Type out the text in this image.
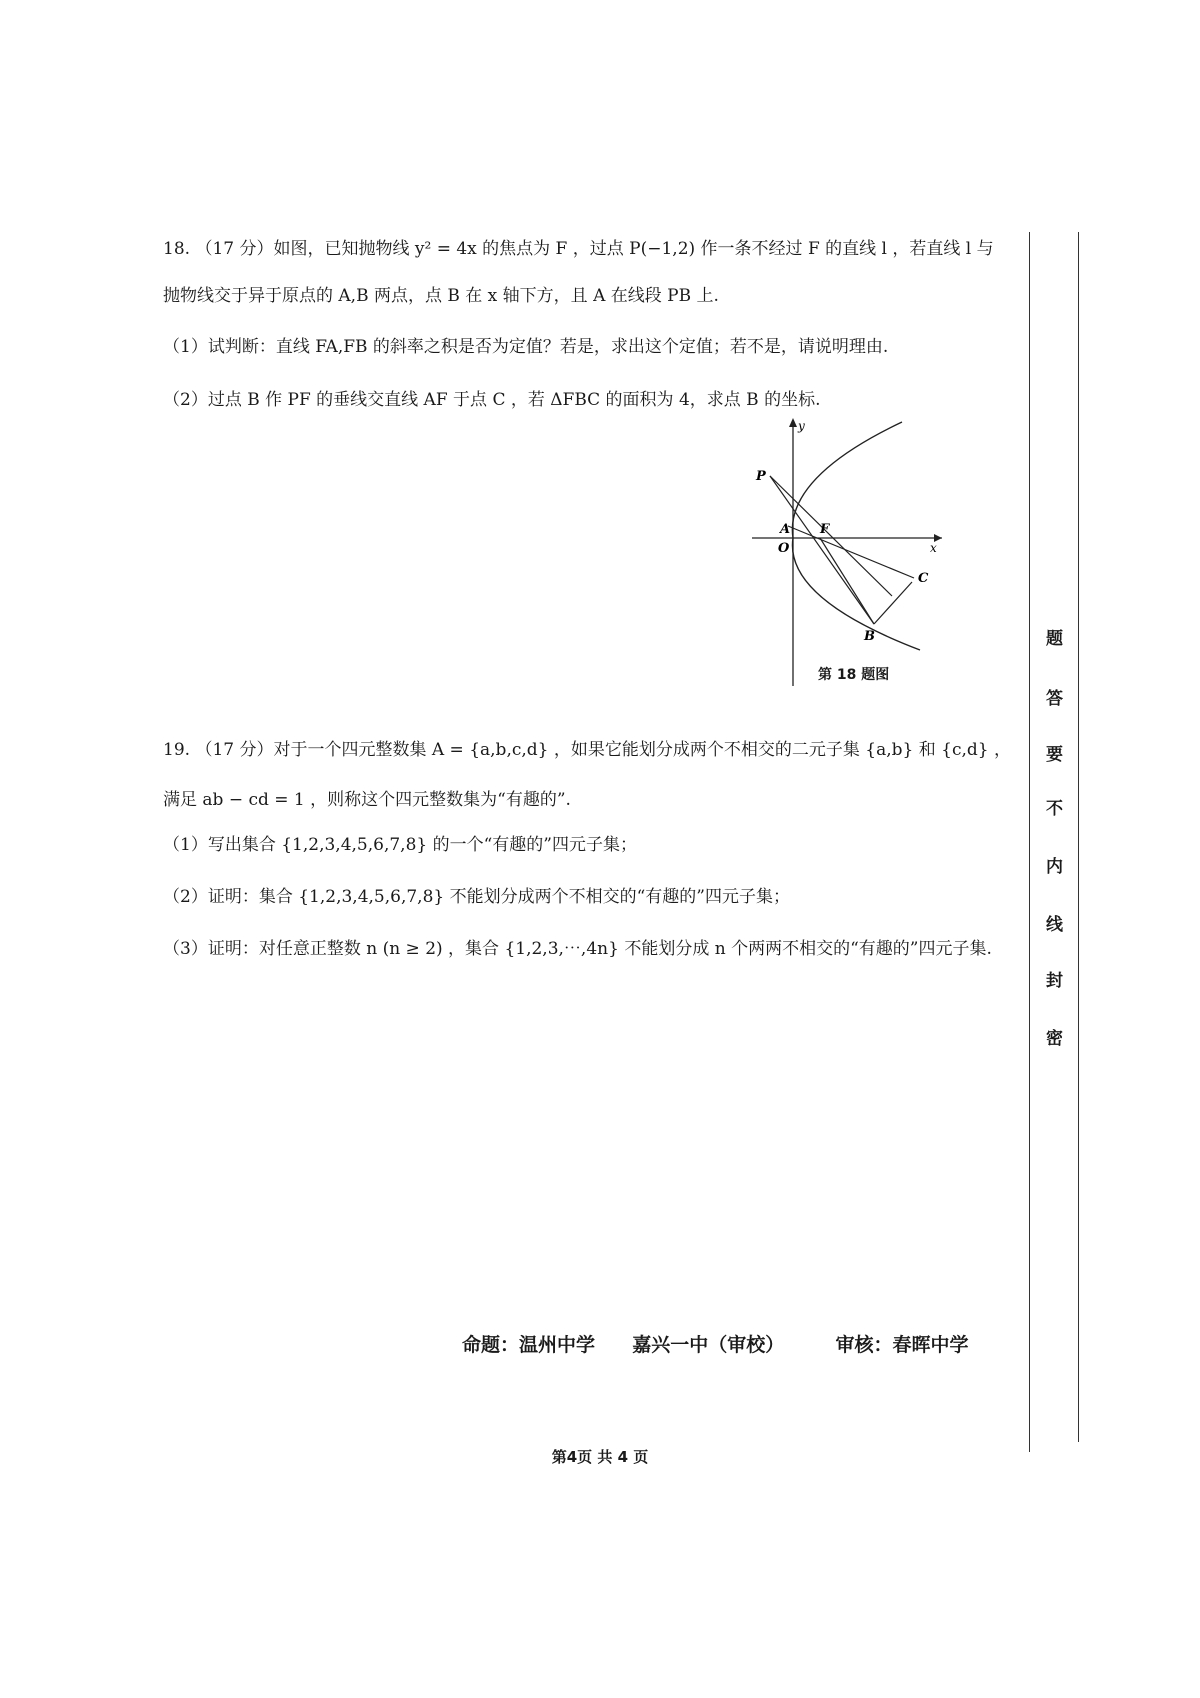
18. （17 分）如图，已知抛物线 y² = 4x 的焦点为 F ，过点 P(−1,2) 作一条不经过 F 的直线 l ，若直线 l 与
抛物线交于异于原点的 A,B 两点，点 B 在 x 轴下方，且 A 在线段 PB 上.
（1）试判断：直线 FA,FB 的斜率之积是否为定值？若是，求出这个定值；若不是，请说明理由.
（2）过点 B 作 PF 的垂线交直线 AF 于点 C ，若 ΔFBC 的面积为 4，求点 B 的坐标.
y
x
P
A
O
F
C
B
第 18 题图
19. （17 分）对于一个四元整数集 A = {a,b,c,d} ，如果它能划分成两个不相交的二元子集 {a,b} 和 {c,d} ，
满足 ab − cd = 1 ，则称这个四元整数集为“有趣的”.
（1）写出集合 {1,2,3,4,5,6,7,8} 的一个“有趣的”四元子集；
（2）证明：集合 {1,2,3,4,5,6,7,8} 不能划分成两个不相交的“有趣的”四元子集；
（3）证明：对任意正整数 n (n ≥ 2) ，集合 {1,2,3,⋯,4n} 不能划分成 n 个两两不相交的“有趣的”四元子集.
题
答
要
不
内
线
封
密
命题：温州中学 嘉兴一中（审校）	审核：春晖中学
第4页 共 4 页
